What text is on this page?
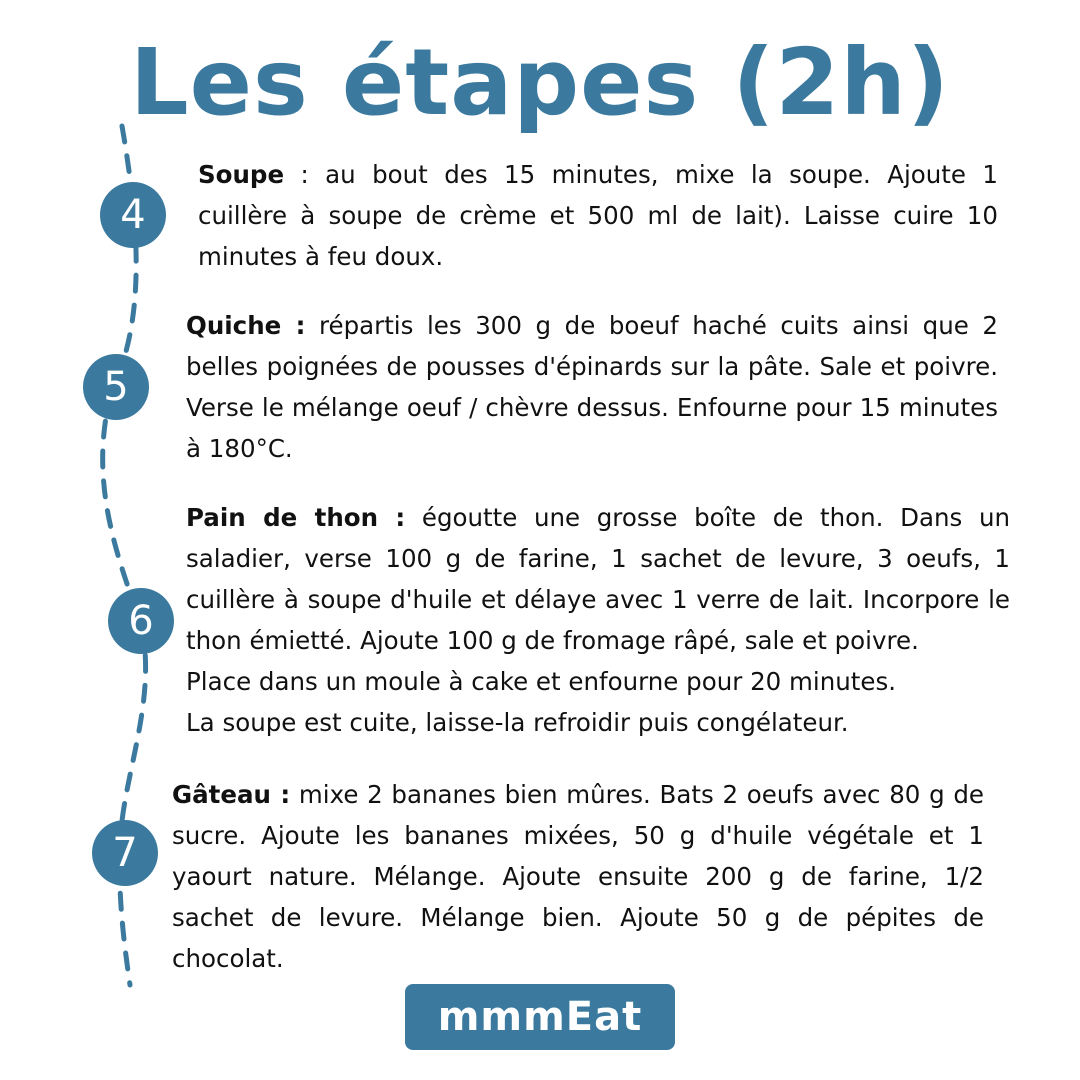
Les étapes (2h)
4
5
6
7

Soupe : au bout des 15 minutes, mixe la soupe. Ajoute 1 cuillère à soupe de crème et 500 ml de lait). Laisse cuire 10 minutes à feu doux.

Quiche : répartis les 300 g de boeuf haché cuits ainsi que 2 belles poignées de pousses d'épinards sur la pâte. Sale et poivre. Verse le mélange oeuf / chèvre dessus. Enfourne pour 15 minutes à 180°C.

Pain de thon : égoutte une grosse boîte de thon. Dans un saladier, verse 100 g de farine, 1 sachet de levure, 3 oeufs, 1 cuillère à soupe d'huile et délaye avec 1 verre de lait. Incorpore le thon émietté. Ajoute 100 g de fromage râpé, sale et poivre.
Place dans un moule à cake et enfourne pour 20 minutes.
La soupe est cuite, laisse-la refroidir puis congélateur.

Gâteau : mixe 2 bananes bien mûres. Bats 2 oeufs avec 80 g de sucre. Ajoute les bananes mixées, 50 g d'huile végétale et 1 yaourt nature. Mélange. Ajoute ensuite 200 g de farine, 1/2 sachet de levure. Mélange bien. Ajoute 50 g de pépites de chocolat.

mmmEat
